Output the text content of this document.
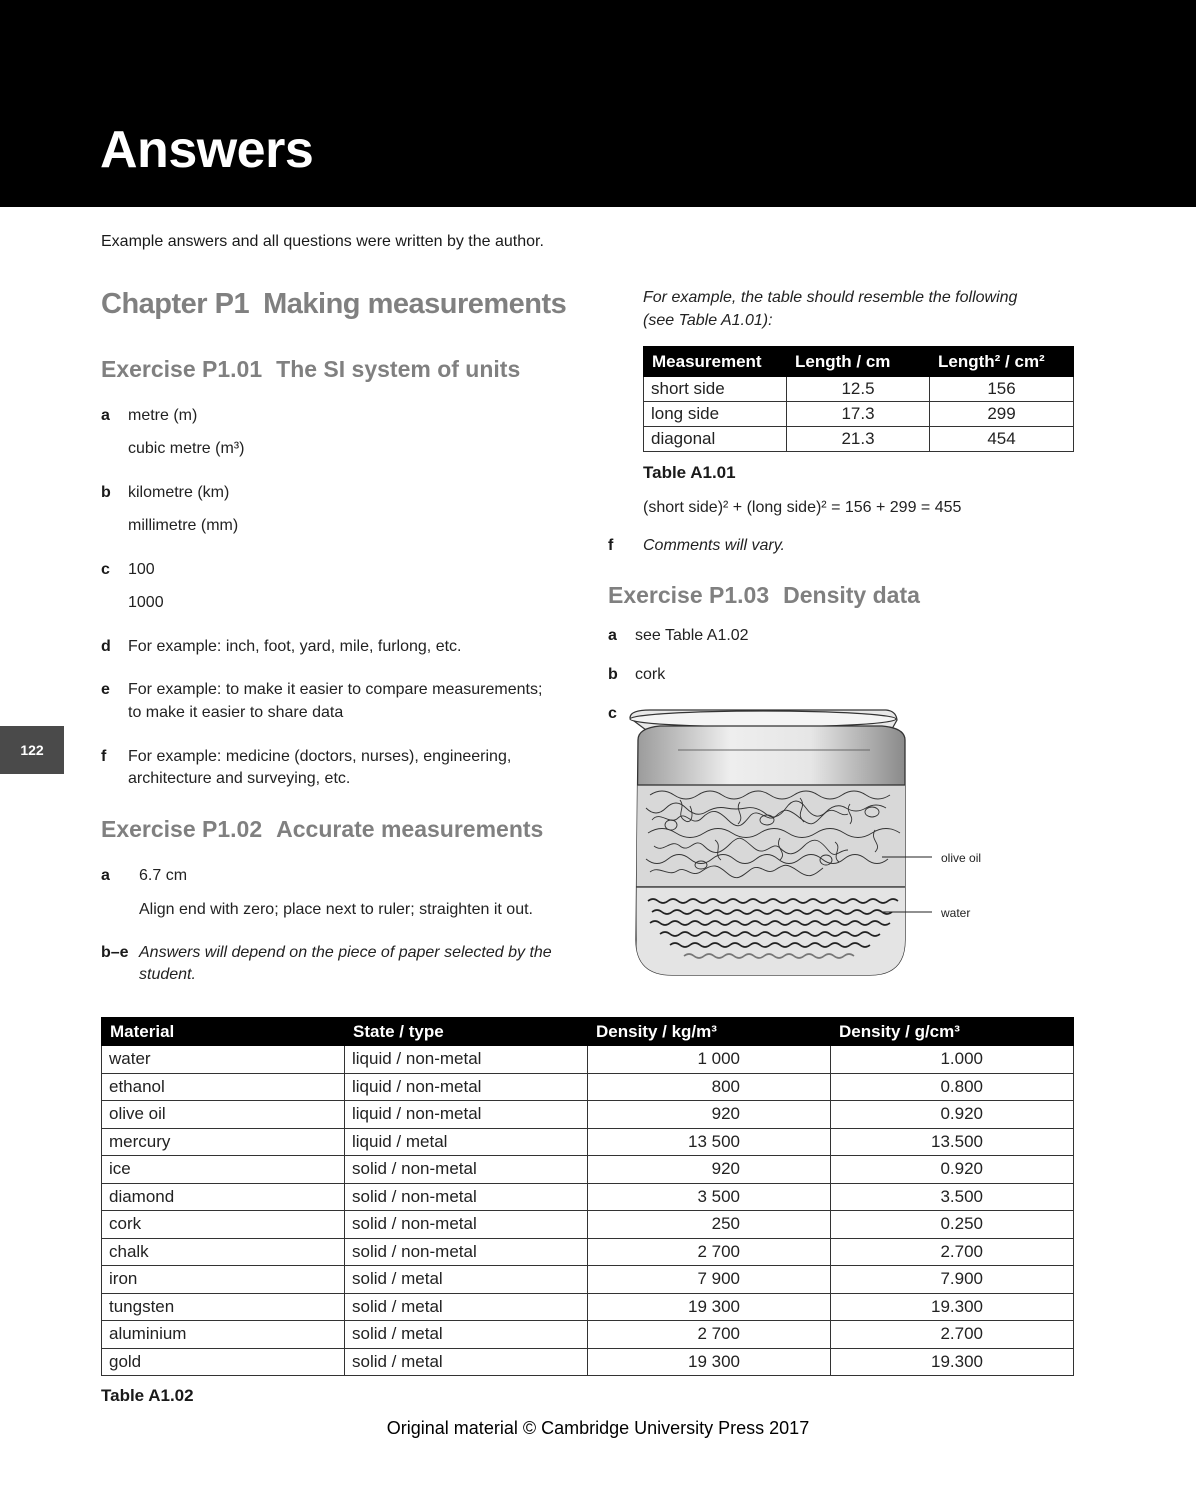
Answers
Example answers and all questions were written by the author.
122
Chapter P1 Making measurements
Exercise P1.01 The SI system of units
a metre (m)
cubic metre (m³)
b kilometre (km)
millimetre (mm)
c 100
1000
d For example: inch, foot, yard, mile, furlong, etc.
e For example: to make it easier to compare measurements;
to make it easier to share data
f For example: medicine (doctors, nurses), engineering,
architecture and surveying, etc.
Exercise P1.02 Accurate measurements
a 6.7 cm
Align end with zero; place next to ruler; straighten it out.
b–e Answers will depend on the piece of paper selected by the
student.
For example, the table should resemble the following
(see Table A1.01):
Measurement	Length / cm	Length² / cm²
short side	12.5	156
long side	17.3	299
diagonal	21.3	454
Table A1.01
(short side)² + (long side)² = 156 + 299 = 455
f Comments will vary.
Exercise P1.03 Density data
a see Table A1.02
b cork
c
olive oil
water
Material	State / type	Density / kg/m³	Density / g/cm³
water	liquid / non-metal	1 000	1.000
ethanol	liquid / non-metal	800	0.800
olive oil	liquid / non-metal	920	0.920
mercury	liquid / metal	13 500	13.500
ice	solid / non-metal	920	0.920
diamond	solid / non-metal	3 500	3.500
cork	solid / non-metal	250	0.250
chalk	solid / non-metal	2 700	2.700
iron	solid / metal	7 900	7.900
tungsten	solid / metal	19 300	19.300
aluminium	solid / metal	2 700	2.700
gold	solid / metal	19 300	19.300
Table A1.02
Original material © Cambridge University Press 2017
